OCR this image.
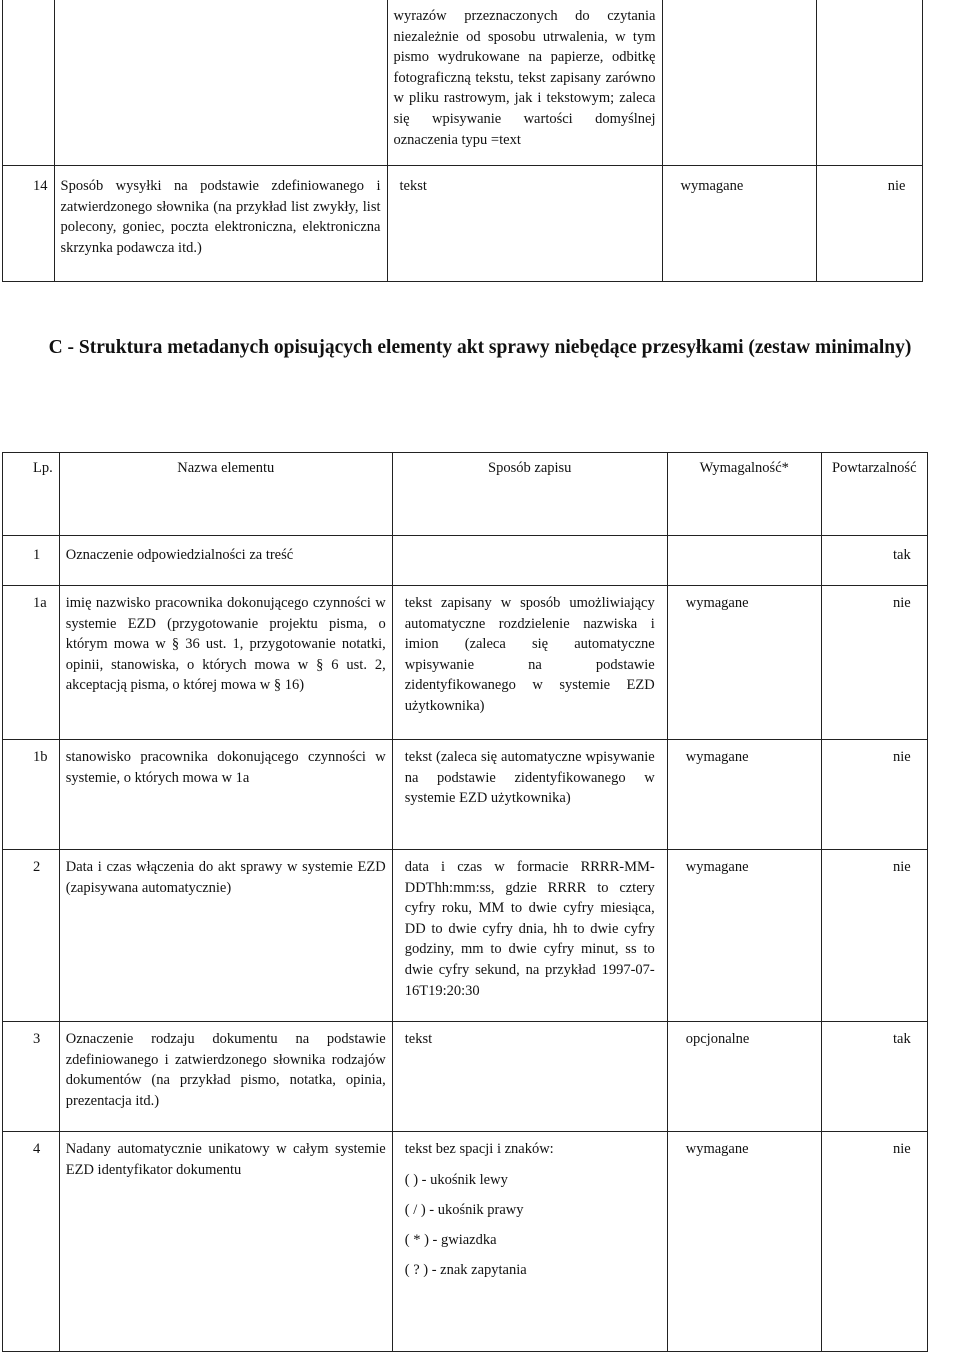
		wyrazów przeznaczonych do czytania niezależnie od sposobu utrwalenia, w tym pismo wydrukowane na papierze, odbitkę fotograficzną tekstu, tekst zapisany zarówno w pliku rastrowym, jak i tekstowym; zaleca się wpisywanie wartości domyślnej oznaczenia typu =text		

14	Sposób wysyłki na podstawie zdefiniowanego i zatwierdzonego słownika (na przykład list zwykły, list polecony, goniec, poczta elektroniczna, elektroniczna skrzynka podawcza itd.)	tekst	wymagane	nie
C - Struktura metadanych opisujących elementy akt sprawy niebędące przesyłkami (zestaw minimalny)
Lp.	Nazwa elementu	Sposób zapisu	Wymagalność*	Powtarzalność

1	Oznaczenie odpowiedzialności za treść			tak

1a	imię nazwisko pracownika dokonującego czynności w systemie EZD (przygotowanie projektu pisma, o którym mowa w § 36 ust. 1, przygotowanie notatki, opinii, stanowiska, o których mowa w § 6 ust. 2, akceptacją pisma, o której mowa w § 16)	tekst zapisany w sposób umożliwiający automatyczne rozdzielenie nazwiska i imion (zaleca się automatyczne wpisywanie na podstawie zidentyfikowanego w systemie EZD użytkownika)	wymagane	nie

1b	stanowisko pracownika dokonującego czynności w systemie, o których mowa w 1a	tekst (zaleca się automatyczne wpisywanie na podstawie zidentyfikowanego w systemie EZD użytkownika)	wymagane	nie

2	Data i czas włączenia do akt sprawy w systemie EZD (zapisywana automatycznie)	data i czas w formacie RRRR-MM-DDThh:mm:ss, gdzie RRRR to cztery cyfry roku, MM to dwie cyfry miesiąca, DD to dwie cyfry dnia, hh to dwie cyfry godziny, mm to dwie cyfry minut, ss to dwie cyfry sekund, na przykład 1997-07-16T19:20:30	wymagane	nie

3	Oznaczenie rodzaju dokumentu na podstawie zdefiniowanego i zatwierdzonego słownika rodzajów dokumentów (na przykład pismo, notatka, opinia, prezentacja itd.)	tekst	opcjonalne	tak

4	Nadany automatycznie unikatowy w całym systemie EZD identyfikator dokumentu	tekst bez spacji i znaków:

( ) - ukośnik lewy

( / ) - ukośnik prawy

( * ) - gwiazdka

( ? ) - znak zapytania	wymagane	nie
